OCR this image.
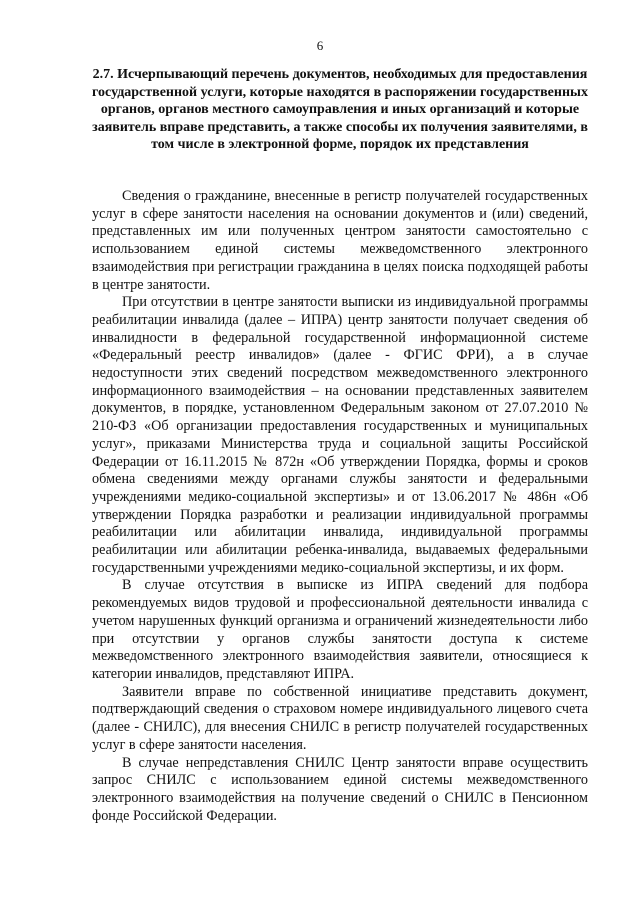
6
2.7. Исчерпывающий перечень документов, необходимых для предоставления государственной услуги, которые находятся в распоряжении государственных органов, органов местного самоуправления и иных организаций и которые заявитель вправе представить, а также способы их получения заявителями, в том числе в электронной форме, порядок их представления

Сведения о гражданине, внесенные в регистр получателей государственных услуг в сфере занятости населения на основании документов и (или) сведений, представленных им или полученных центром занятости самостоятельно с использованием единой системы межведомственного электронного взаимодействия при регистрации гражданина в целях поиска подходящей работы в центре занятости.

При отсутствии в центре занятости выписки из индивидуальной программы реабилитации инвалида (далее – ИПРА) центр занятости получает сведения об инвалидности в федеральной государственной информационной системе «Федеральный реестр инвалидов» (далее - ФГИС ФРИ), а в случае недоступности этих сведений посредством межведомственного электронного информационного взаимодействия – на основании представленных заявителем документов, в порядке, установленном Федеральным законом от 27.07.2010 № 210-ФЗ «Об организации предоставления государственных и муниципальных услуг», приказами Министерства труда и социальной защиты Российской Федерации от 16.11.2015 № 872н «Об утверждении Порядка, формы и сроков обмена сведениями между органами службы занятости и федеральными учреждениями медико-социальной экспертизы» и от 13.06.2017 № 486н «Об утверждении Порядка разработки и реализации индивидуальной программы реабилитации или абилитации инвалида, индивидуальной программы реабилитации или абилитации ребенка-инвалида, выдаваемых федеральными государственными учреждениями медико-социальной экспертизы, и их форм.

В случае отсутствия в выписке из ИПРА сведений для подбора рекомендуемых видов трудовой и профессиональной деятельности инвалида с учетом нарушенных функций организма и ограничений жизнедеятельности либо при отсутствии у органов службы занятости доступа к системе межведомственного электронного взаимодействия заявители, относящиеся к категории инвалидов, представляют ИПРА.

Заявители вправе по собственной инициативе представить документ, подтверждающий сведения о страховом номере индивидуального лицевого счета (далее - СНИЛС), для внесения СНИЛС в регистр получателей государственных услуг в сфере занятости населения.

В случае непредставления СНИЛС Центр занятости вправе осуществить запрос СНИЛС с использованием единой системы межведомственного электронного взаимодействия на получение сведений о СНИЛС в Пенсионном фонде Российской Федерации.
